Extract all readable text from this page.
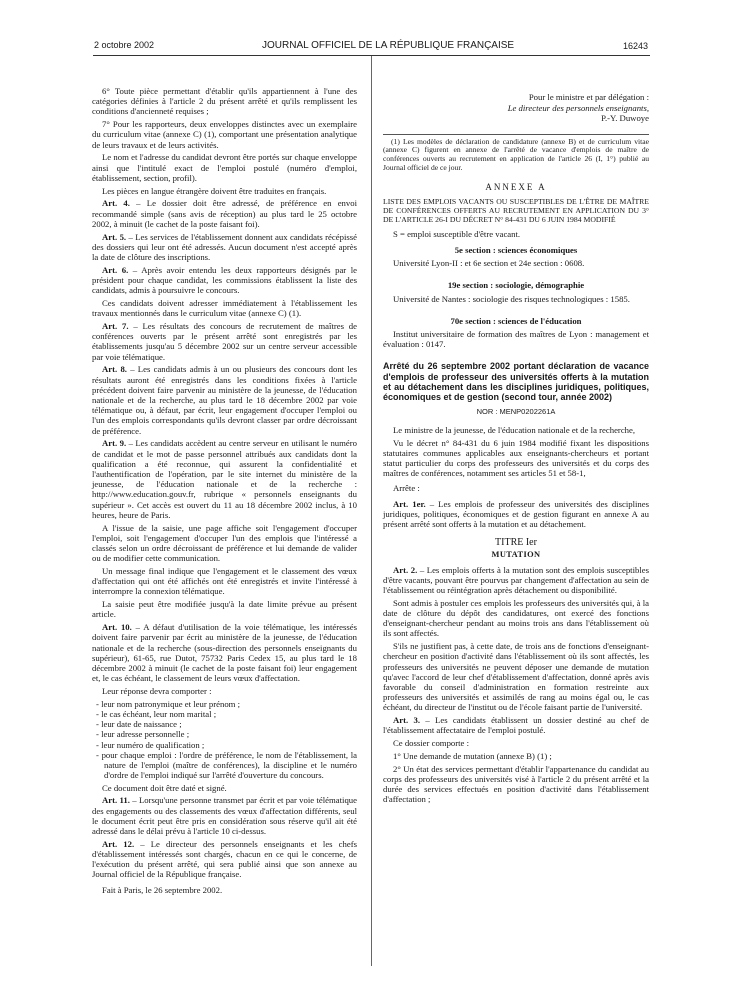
2 octobre 2002	JOURNAL OFFICIEL DE LA RÉPUBLIQUE FRANÇAISE	16243

6° Toute pièce permettant d'établir qu'ils appartiennent à l'une des catégories définies à l'article 2 du présent arrêté et qu'ils remplissent les conditions d'ancienneté requises ;

7° Pour les rapporteurs, deux enveloppes distinctes avec un exemplaire du curriculum vitae (annexe C) (1), comportant une présentation analytique de leurs travaux et de leurs activités.

Le nom et l'adresse du candidat devront être portés sur chaque enveloppe ainsi que l'intitulé exact de l'emploi postulé (numéro d'emploi, établissement, section, profil).

Les pièces en langue étrangère doivent être traduites en français.

Art. 4. – Le dossier doit être adressé, de préférence en envoi recommandé simple (sans avis de réception) au plus tard le 25 octobre 2002, à minuit (le cachet de la poste faisant foi).

Art. 5. – Les services de l'établissement donnent aux candidats récépissé des dossiers qui leur ont été adressés. Aucun document n'est accepté après la date de clôture des inscriptions.

Art. 6. – Après avoir entendu les deux rapporteurs désignés par le président pour chaque candidat, les commissions établissent la liste des candidats, admis à poursuivre le concours.

Ces candidats doivent adresser immédiatement à l'établissement les travaux mentionnés dans le curriculum vitae (annexe C) (1).

Art. 7. – Les résultats des concours de recrutement de maîtres de conférences ouverts par le présent arrêté sont enregistrés par les établissements jusqu'au 5 décembre 2002 sur un centre serveur accessible par voie télématique.

Art. 8. – Les candidats admis à un ou plusieurs des concours dont les résultats auront été enregistrés dans les conditions fixées à l'article précédent doivent faire parvenir au ministère de la jeunesse, de l'éducation nationale et de la recherche, au plus tard le 18 décembre 2002 par voie télématique ou, à défaut, par écrit, leur engagement d'occuper l'emploi ou l'un des emplois correspondants qu'ils devront classer par ordre décroissant de préférence.

Art. 9. – Les candidats accèdent au centre serveur en utilisant le numéro de candidat et le mot de passe personnel attribués aux candidats dont la qualification a été reconnue, qui assurent la confidentialité et l'authentification de l'opération, par le site internet du ministère de la jeunesse, de l'éducation nationale et de la recherche : http://www.education.gouv.fr, rubrique « personnels enseignants du supérieur ». Cet accès est ouvert du 11 au 18 décembre 2002 inclus, à 10 heures, heure de Paris.

A l'issue de la saisie, une page affiche soit l'engagement d'occuper l'emploi, soit l'engagement d'occuper l'un des emplois que l'intéressé a classés selon un ordre décroissant de préférence et lui demande de valider ou de modifier cette communication.

Un message final indique que l'engagement et le classement des vœux d'affectation qui ont été affichés ont été enregistrés et invite l'intéressé à interrompre la connexion télématique.

La saisie peut être modifiée jusqu'à la date limite prévue au présent article.

Art. 10. – A défaut d'utilisation de la voie télématique, les intéressés doivent faire parvenir par écrit au ministère de la jeunesse, de l'éducation nationale et de la recherche (sous-direction des personnels enseignants du supérieur), 61-65, rue Dutot, 75732 Paris Cedex 15, au plus tard le 18 décembre 2002 à minuit (le cachet de la poste faisant foi) leur engagement et, le cas échéant, le classement de leurs vœux d'affectation.

Leur réponse devra comporter :

- leur nom patronymique et leur prénom ;
- le cas échéant, leur nom marital ;
- leur date de naissance ;
- leur adresse personnelle ;
- leur numéro de qualification ;
- pour chaque emploi : l'ordre de préférence, le nom de l'établissement, la nature de l'emploi (maître de conférences), la discipline et le numéro d'ordre de l'emploi indiqué sur l'arrêté d'ouverture du concours.

Ce document doit être daté et signé.

Art. 11. – Lorsqu'une personne transmet par écrit et par voie télématique des engagements ou des classements des vœux d'affectation différents, seul le document écrit peut être pris en considération sous réserve qu'il ait été adressé dans le délai prévu à l'article 10 ci-dessus.

Art. 12. – Le directeur des personnels enseignants et les chefs d'établissement intéressés sont chargés, chacun en ce qui le concerne, de l'exécution du présent arrêté, qui sera publié ainsi que son annexe au Journal officiel de la République française.

Fait à Paris, le 26 septembre 2002.

Pour le ministre et par délégation :
Le directeur des personnels enseignants,
P.-Y. Duwoye
(1) Les modèles de déclaration de candidature (annexe B) et de curriculum vitae (annexe C) figurent en annexe de l'arrêté de vacance d'emplois de maître de conférences ouverts au recrutement en application de l'article 26 (I, 1°) publié au Journal officiel de ce jour.
ANNEXE A
LISTE DES EMPLOIS VACANTS OU SUSCEPTIBLES DE L'ÊTRE DE MAÎTRE DE CONFÉRENCES OFFERTS AU RECRUTEMENT EN APPLICATION DU 3° DE L'ARTICLE 26-I DU DÉCRET N° 84-431 DU 6 JUIN 1984 MODIFIÉ

S = emploi susceptible d'être vacant.

5e section : sciences économiques

Université Lyon-II : et 6e section et 24e section : 0608.

19e section : sociologie, démographie

Université de Nantes : sociologie des risques technologiques : 1585.

70e section : sciences de l'éducation

Institut universitaire de formation des maîtres de Lyon : management et évaluation : 0147.

Arrêté du 26 septembre 2002 portant déclaration de vacance d'emplois de professeur des universités offerts à la mutation et au détachement dans les disciplines juridiques, politiques, économiques et de gestion (second tour, année 2002)
NOR : MENP0202261A

Le ministre de la jeunesse, de l'éducation nationale et de la recherche,

Vu le décret n° 84-431 du 6 juin 1984 modifié fixant les dispositions statutaires communes applicables aux enseignants-chercheurs et portant statut particulier du corps des professeurs des universités et du corps des maîtres de conférences, notamment ses articles 51 et 58-1,

Arrête :

Art. 1er. – Les emplois de professeur des universités des disciplines juridiques, politiques, économiques et de gestion figurant en annexe A au présent arrêté sont offerts à la mutation et au détachement.

TITRE Ier
MUTATION

Art. 2. – Les emplois offerts à la mutation sont des emplois susceptibles d'être vacants, pouvant être pourvus par changement d'affectation au sein de l'établissement ou réintégration après détachement ou disponibilité.

Sont admis à postuler ces emplois les professeurs des universités qui, à la date de clôture du dépôt des candidatures, ont exercé des fonctions d'enseignant-chercheur pendant au moins trois ans dans l'établissement où ils sont affectés.

S'ils ne justifient pas, à cette date, de trois ans de fonctions d'enseignant-chercheur en position d'activité dans l'établissement où ils sont affectés, les professeurs des universités ne peuvent déposer une demande de mutation qu'avec l'accord de leur chef d'établissement d'affectation, donné après avis favorable du conseil d'administration en formation restreinte aux professeurs des universités et assimilés de rang au moins égal ou, le cas échéant, du directeur de l'institut ou de l'école faisant partie de l'université.

Art. 3. – Les candidats établissent un dossier destiné au chef de l'établissement affectataire de l'emploi postulé.

Ce dossier comporte :

1° Une demande de mutation (annexe B) (1) ;

2° Un état des services permettant d'établir l'appartenance du candidat au corps des professeurs des universités visé à l'article 2 du présent arrêté et la durée des services effectués en position d'activité dans l'établissement d'affectation ;
